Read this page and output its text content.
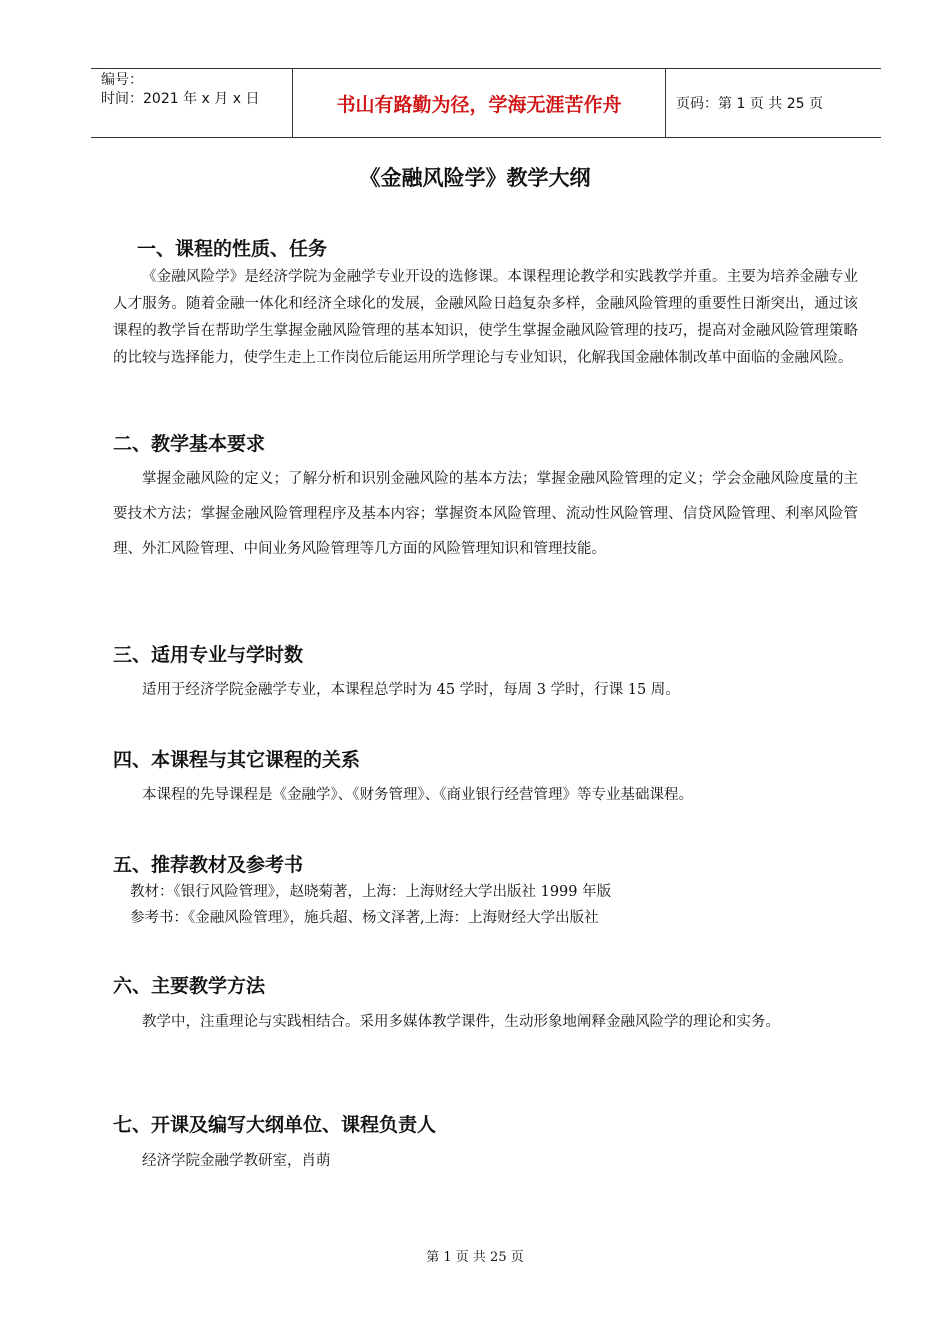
编号：
时间：2021 年 x 月 x 日	书山有路勤为径，学海无涯苦作舟	页码：第 1 页 共 25 页
《金融风险学》教学大纲
一、课程的性质、任务
《金融风险学》是经济学院为金融学专业开设的选修课。本课程理论教学和实践教学并重。主要为培养金融专业人才服务。随着金融一体化和经济全球化的发展，金融风险日趋复杂多样，金融风险管理的重要性日渐突出，通过该课程的教学旨在帮助学生掌握金融风险管理的基本知识，使学生掌握金融风险管理的技巧，提高对金融风险管理策略的比较与选择能力，使学生走上工作岗位后能运用所学理论与专业知识，化解我国金融体制改革中面临的金融风险。
二、教学基本要求
掌握金融风险的定义；了解分析和识别金融风险的基本方法；掌握金融风险管理的定义；学会金融风险度量的主要技术方法；掌握金融风险管理程序及基本内容；掌握资本风险管理、流动性风险管理、信贷风险管理、利率风险管理、外汇风险管理、中间业务风险管理等几方面的风险管理知识和管理技能。
三、适用专业与学时数
适用于经济学院金融学专业，本课程总学时为 45 学时，每周 3 学时，行课 15 周。
四、本课程与其它课程的关系
本课程的先导课程是《金融学》、《财务管理》、《商业银行经营管理》等专业基础课程。
五、推荐教材及参考书
教材：《银行风险管理》，赵晓菊著，上海：上海财经大学出版社 1999 年版
参考书：《金融风险管理》，施兵超、杨文泽著,上海：上海财经大学出版社
六、主要教学方法
教学中，注重理论与实践相结合。采用多媒体教学课件，生动形象地阐释金融风险学的理论和实务。
七、开课及编写大纲单位、课程负责人
经济学院金融学教研室，肖萌
第 1 页 共 25 页
